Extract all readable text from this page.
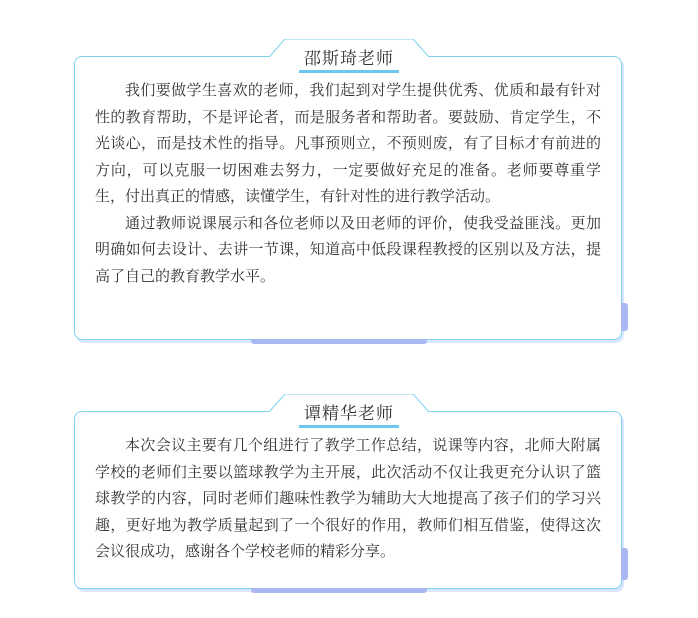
邵斯琦老师

我们要做学生喜欢的老师，我们起到对学生提供优秀、优质和最有针对性的教育帮助，不是评论者，而是服务者和帮助者。要鼓励、肯定学生，不光谈心，而是技术性的指导。凡事预则立，不预则废，有了目标才有前进的方向，可以克服一切困难去努力，一定要做好充足的准备。老师要尊重学生，付出真正的情感，读懂学生，有针对性的进行教学活动。

通过教师说课展示和各位老师以及田老师的评价，使我受益匪浅。更加明确如何去设计、去讲一节课，知道高中低段课程教授的区别以及方法，提高了自己的教育教学水平。

谭精华老师

本次会议主要有几个组进行了教学工作总结，说课等内容，北师大附属学校的老师们主要以篮球教学为主开展，此次活动不仅让我更充分认识了篮球教学的内容，同时老师们趣味性教学为辅助大大地提高了孩子们的学习兴趣，更好地为教学质量起到了一个很好的作用，教师们相互借鉴，使得这次会议很成功，感谢各个学校老师的精彩分享。
